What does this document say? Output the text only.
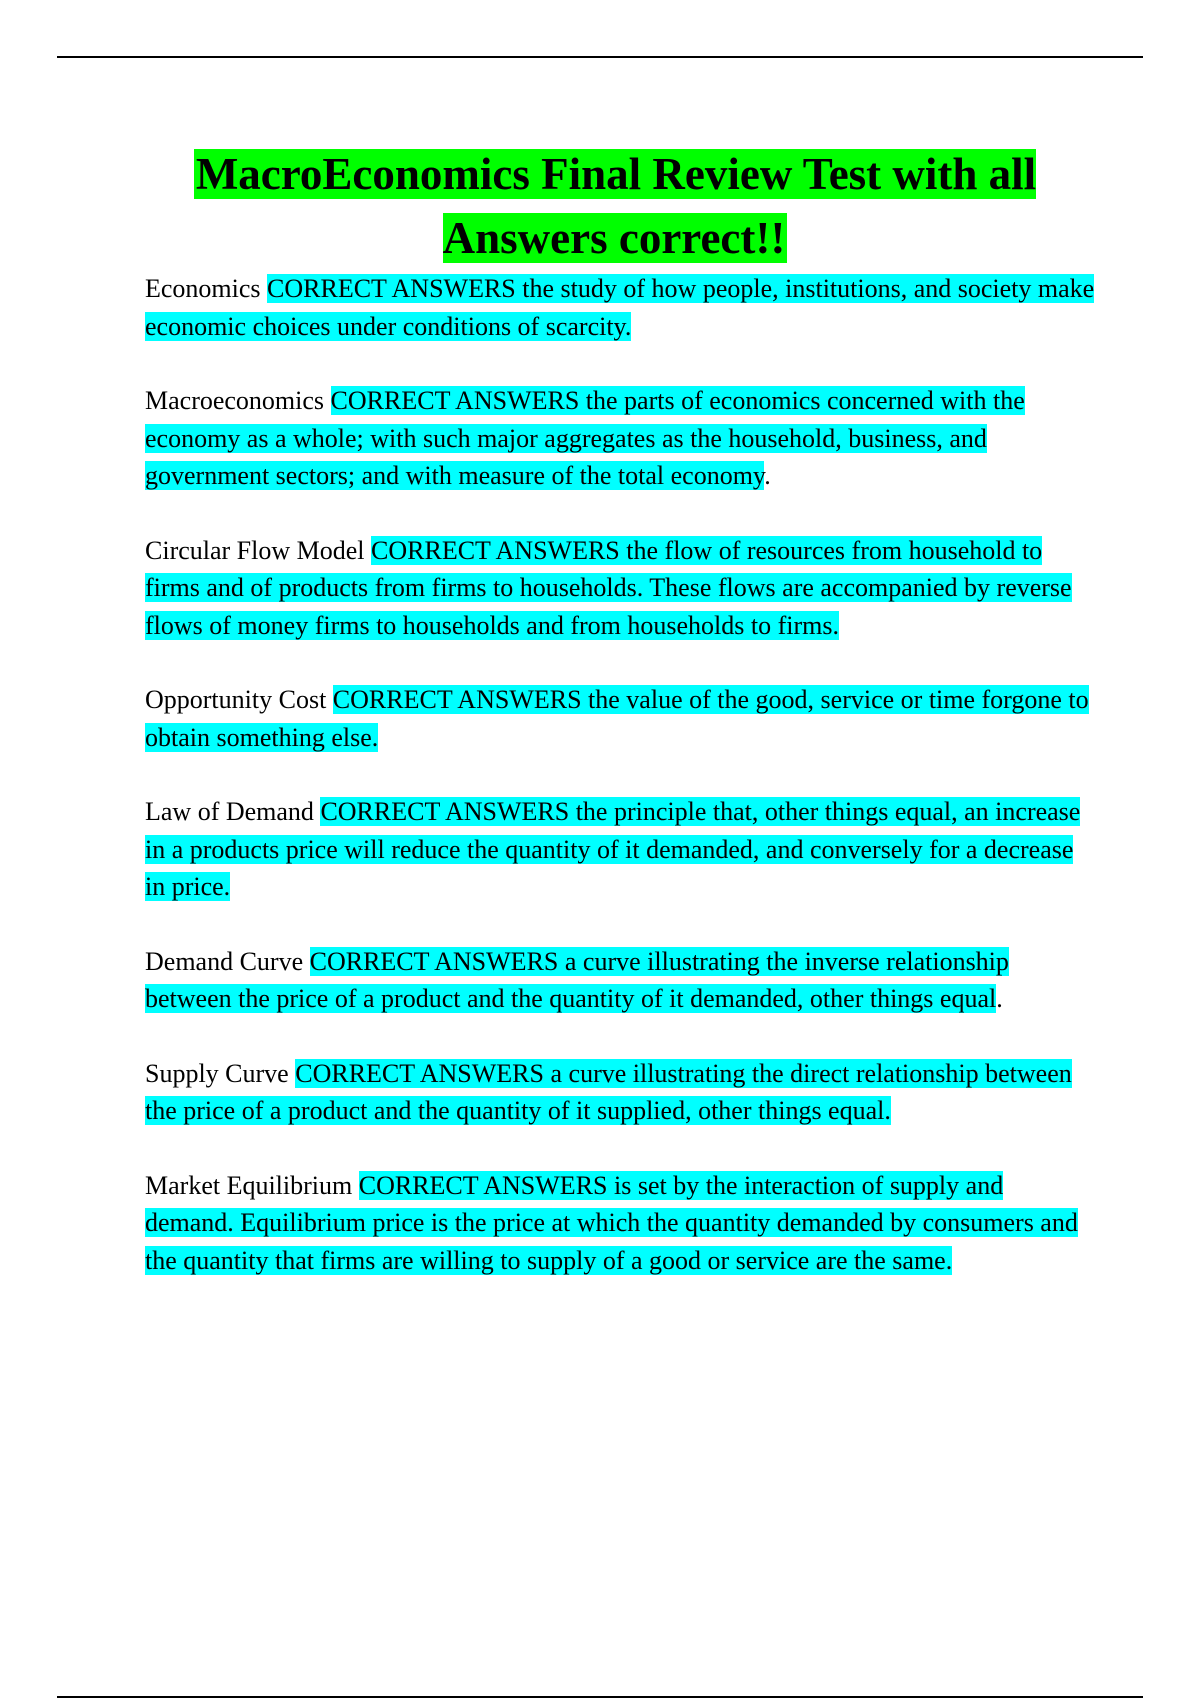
MacroEconomics Final Review Test with all Answers correct!!

Economics CORRECT ANSWERS the study of how people, institutions, and society make economic choices under conditions of scarcity.

Macroeconomics CORRECT ANSWERS the parts of economics concerned with the economy as a whole; with such major aggregates as the household, business, and government sectors; and with measure of the total economy.

Circular Flow Model CORRECT ANSWERS the flow of resources from household to firms and of products from firms to households. These flows are accompanied by reverse flows of money firms to households and from households to firms.

Opportunity Cost CORRECT ANSWERS the value of the good, service or time forgone to obtain something else.

Law of Demand CORRECT ANSWERS the principle that, other things equal, an increase in a products price will reduce the quantity of it demanded, and conversely for a decrease in price.

Demand Curve CORRECT ANSWERS a curve illustrating the inverse relationship between the price of a product and the quantity of it demanded, other things equal.

Supply Curve CORRECT ANSWERS a curve illustrating the direct relationship between the price of a product and the quantity of it supplied, other things equal.

Market Equilibrium CORRECT ANSWERS is set by the interaction of supply and demand. Equilibrium price is the price at which the quantity demanded by consumers and the quantity that firms are willing to supply of a good or service are the same.
